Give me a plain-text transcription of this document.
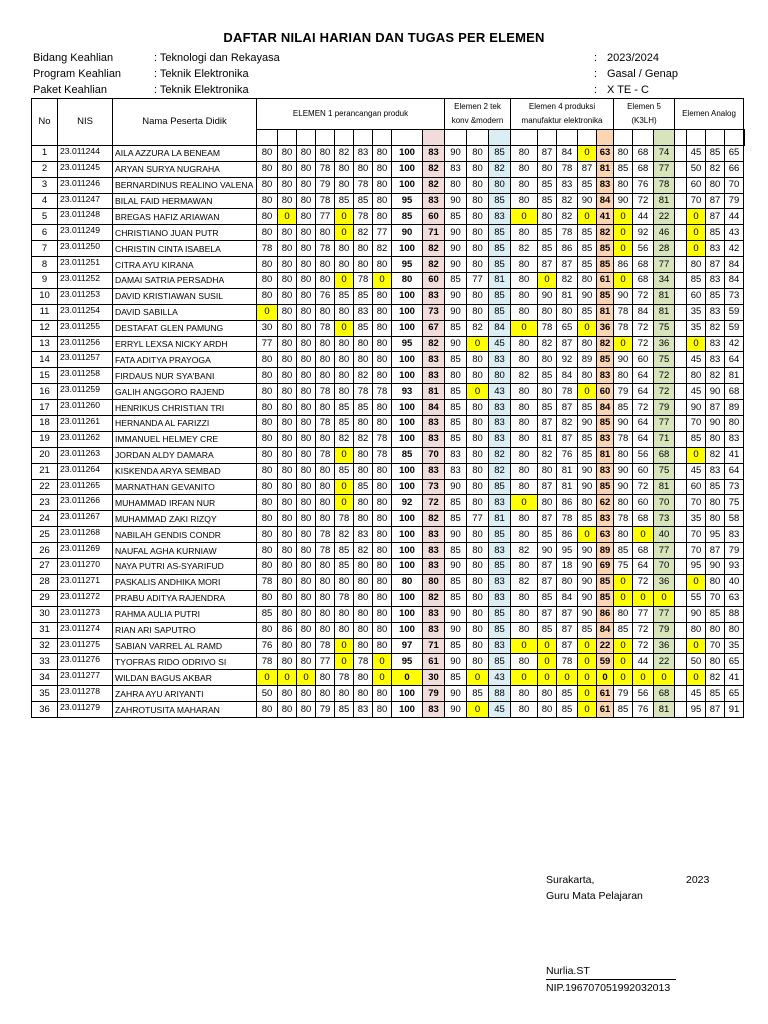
DAFTAR NILAI HARIAN DAN TUGAS PER ELEMEN
Bidang Keahlian	: Teknologi dan Rekayasa
Program Keahlian	: Teknik Elektronika
Paket Keahlian	: Teknik Elektronika
: 2023/2024
: Gasal / Genap
: X TE - C
No	NIS	Nama Peserta Didik	ELEMEN 1 perancangan produk									Elemen 2 tek konv &modern			Elemen 4 produksi manufaktur elektronika					Elemen 5 (K3LH)			Elemen Analog				

1	23.011244	AILA AZZURA LA BENEAM	80	80	80	80	82	83	80	100	83	90	80	85	80	87	84	0	63	80	68	74		45	85	65	
2	23.011245	ARYAN SURYA NUGRAHA	80	80	80	78	80	80	80	100	82	83	80	82	80	80	78	87	81	85	68	77		50	82	66	
3	23.011246	BERNARDINUS REALINO VALENA	80	80	80	79	80	78	80	100	82	80	80	80	80	85	83	85	83	80	76	78		60	80	70	
4	23.011247	BILAL FAID HERMAWAN	80	80	80	78	85	85	80	95	83	90	80	85	80	85	82	90	84	90	72	81		70	87	79	
5	23.011248	BREGAS HAFIZ ARIAWAN	80	0	80	77	0	78	80	85	60	85	80	83	0	80	82	0	41	0	44	22		0	87	44	
6	23.011249	CHRISTIANO JUAN PUTR	80	80	80	80	0	82	77	90	71	90	80	85	80	85	78	85	82	0	92	46		0	85	43	
7	23.011250	CHRISTIN CINTA ISABELA	78	80	80	78	80	80	82	100	82	90	80	85	82	85	86	85	85	0	56	28		0	83	42	
8	23.011251	CITRA AYU KIRANA	80	80	80	80	80	80	80	95	82	90	80	85	80	87	87	85	85	86	68	77		80	87	84	
9	23.011252	DAMAI SATRIA PERSADHA	80	80	80	80	0	78	0	80	60	85	77	81	80	0	82	80	61	0	68	34		85	83	84	
10	23.011253	DAVID KRISTIAWAN SUSIL	80	80	80	76	85	85	80	100	83	90	80	85	80	90	81	90	85	90	72	81		60	85	73	
11	23.011254	DAVID SABILLA	0	80	80	80	80	83	80	100	73	90	80	85	80	80	80	85	81	78	84	81		35	83	59	
12	23.011255	DESTAFAT GLEN PAMUNG	30	80	80	78	0	85	80	100	67	85	82	84	0	78	65	0	36	78	72	75		35	82	59	
13	23.011256	ERRYL LEXSA NICKY ARDH	77	80	80	80	80	80	80	95	82	90	0	45	80	82	87	80	82	0	72	36		0	83	42	
14	23.011257	FATA ADITYA PRAYOGA	80	80	80	80	80	80	80	100	83	85	80	83	80	80	92	89	85	90	60	75		45	83	64	
15	23.011258	FIRDAUS NUR SYA'BANI	80	80	80	80	80	82	80	100	83	80	80	80	82	85	84	80	83	80	64	72		80	82	81	
16	23.011259	GALIH ANGGORO RAJEND	80	80	80	78	80	78	78	93	81	85	0	43	80	80	78	0	60	79	64	72		45	90	68	
17	23.011260	HENRIKUS CHRISTIAN TRI	80	80	80	80	85	85	80	100	84	85	80	83	80	85	87	85	84	85	72	79		90	87	89	
18	23.011261	HERNANDA AL FARIZZI	80	80	80	78	85	80	80	100	83	85	80	83	80	87	82	90	85	90	64	77		70	90	80	
19	23.011262	IMMANUEL HELMEY CRE	80	80	80	80	82	82	78	100	83	85	80	83	80	81	87	85	83	78	64	71		85	80	83	
20	23.011263	JORDAN ALDY DAMARA	80	80	80	78	0	80	78	85	70	83	80	82	80	82	76	85	81	80	56	68		0	82	41	
21	23.011264	KISKENDA ARYA SEMBAD	80	80	80	80	85	80	80	100	83	83	80	82	80	80	81	90	83	90	60	75		45	83	64	
22	23.011265	MARNATHAN GEVANITO	80	80	80	80	0	85	80	100	73	90	80	85	80	87	81	90	85	90	72	81		60	85	73	
23	23.011266	MUHAMMAD IRFAN NUR	80	80	80	80	0	80	80	92	72	85	80	83	0	80	86	80	62	80	60	70		70	80	75	
24	23.011267	MUHAMMAD ZAKI RIZQY	80	80	80	80	78	80	80	100	82	85	77	81	80	87	78	85	83	78	68	73		35	80	58	
25	23.011268	NABILAH GENDIS CONDR	80	80	80	78	82	83	80	100	83	90	80	85	80	85	86	0	63	80	0	40		70	95	83	
26	23.011269	NAUFAL AGHA KURNIAW	80	80	80	78	85	82	80	100	83	85	80	83	82	90	95	90	89	85	68	77		70	87	79	
27	23.011270	NAYA PUTRI AS-SYARIFUD	80	80	80	80	85	80	80	100	83	90	80	85	80	87	18	90	69	75	64	70		95	90	93	
28	23.011271	PASKALIS ANDHIKA MORI	78	80	80	80	80	80	80	80	80	85	80	83	82	87	80	90	85	0	72	36		0	80	40	
29	23.011272	PRABU ADITYA RAJENDRA	80	80	80	80	78	80	80	100	82	85	80	83	80	85	84	90	85	0	0	0		55	70	63	
30	23.011273	RAHMA AULIA PUTRI	85	80	80	80	80	80	80	100	83	90	80	85	80	87	87	90	86	80	77	77		90	85	88	
31	23.011274	RIAN ARI SAPUTRO	80	86	80	80	80	80	80	100	83	90	80	85	80	85	87	85	84	85	72	79		80	80	80	
32	23.011275	SABIAN VARREL AL RAMD	76	80	80	78	0	80	80	97	71	85	80	83	0	0	87	0	22	0	72	36		0	70	35	
33	23.011276	TYOFRAS RIDO ODRIVO SI	78	80	80	77	0	78	0	95	61	90	80	85	80	0	78	0	59	0	44	22		50	80	65	
34	23.011277	WILDAN BAGUS AKBAR	0	0	0	80	78	80	0	0	30	85	0	43	0	0	0	0	0	0	0	0		0	82	41	
35	23.011278	ZAHRA AYU ARIYANTI	50	80	80	80	80	80	80	100	79	90	85	88	80	80	85	0	61	79	56	68		45	85	65	
36	23.011279	ZAHROTUSITA MAHARAN	80	80	80	79	85	83	80	100	83	90	0	45	80	80	85	0	61	85	76	81		95	87	91	
Surakarta,	2023
Guru Mata Pelajaran
Nurlia.ST
NIP.196707051992032013
